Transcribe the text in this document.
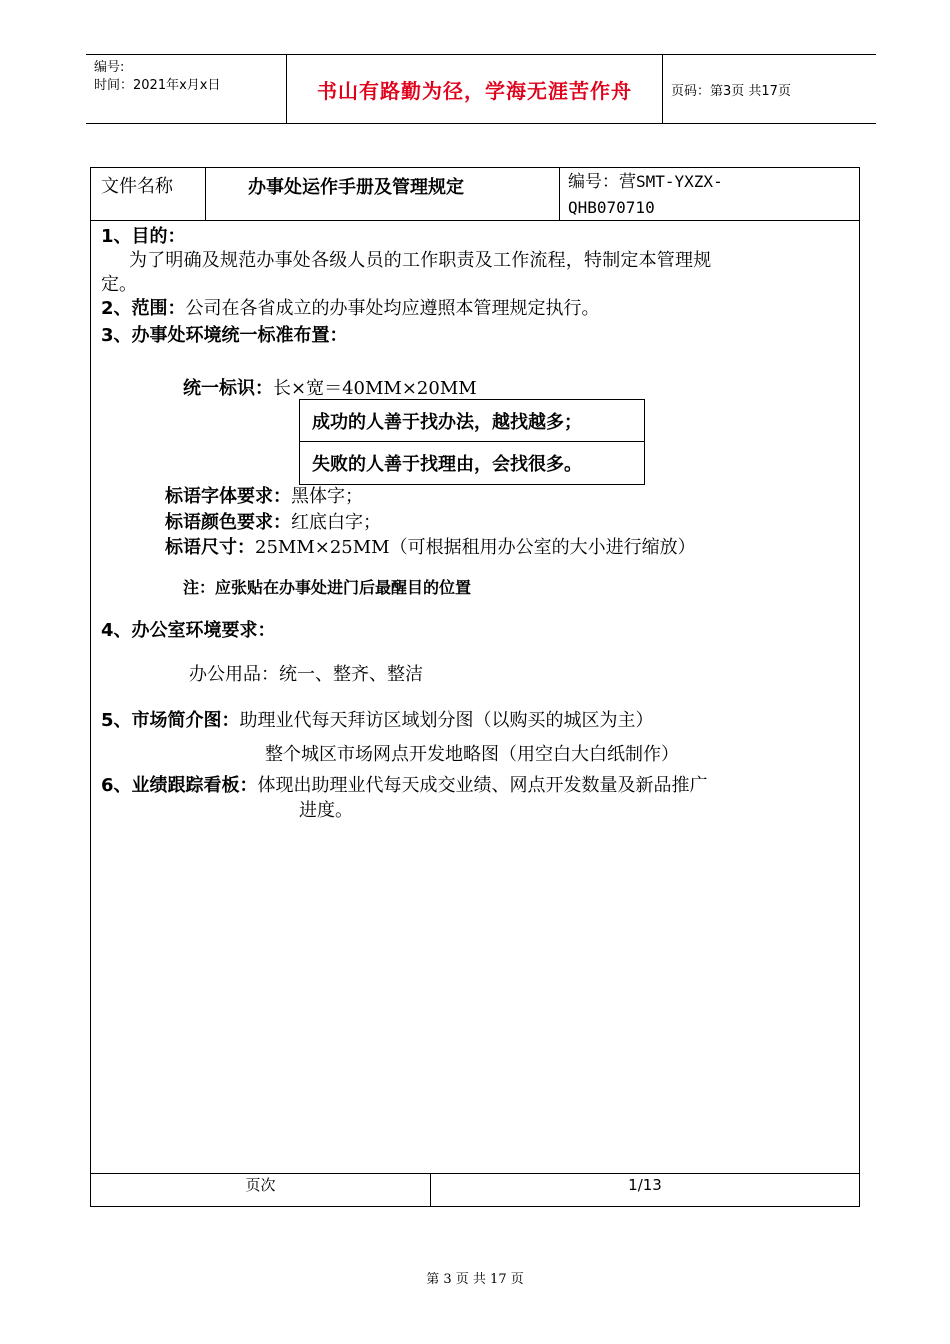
编号:
时间：2021年x月x日	书山有路勤为径，学海无涯苦作舟	页码：第3页 共17页
文件名称	办事处运作手册及管理规定	编号：营SMT-YXZX-
QHB070710
1、目的：
为了明确及规范办事处各级人员的工作职责及工作流程，特制定本管理规
定。
2、范围：公司在各省成立的办事处均应遵照本管理规定执行。
3、办事处环境统一标准布置：
统一标识：长×宽＝40MM×20MM
成功的人善于找办法，越找越多；
失败的人善于找理由，会找很多。
标语字体要求：黑体字；
标语颜色要求：红底白字；
标语尺寸：25MM×25MM（可根据租用办公室的大小进行缩放）
注：应张贴在办事处进门后最醒目的位置
4、办公室环境要求：
办公用品：统一、整齐、整洁
5、市场简介图：助理业代每天拜访区域划分图（以购买的城区为主）
整个城区市场网点开发地略图（用空白大白纸制作）
6、业绩跟踪看板：体现出助理业代每天成交业绩、网点开发数量及新品推广
进度。
页次	1/13
第 3 页 共 17 页
